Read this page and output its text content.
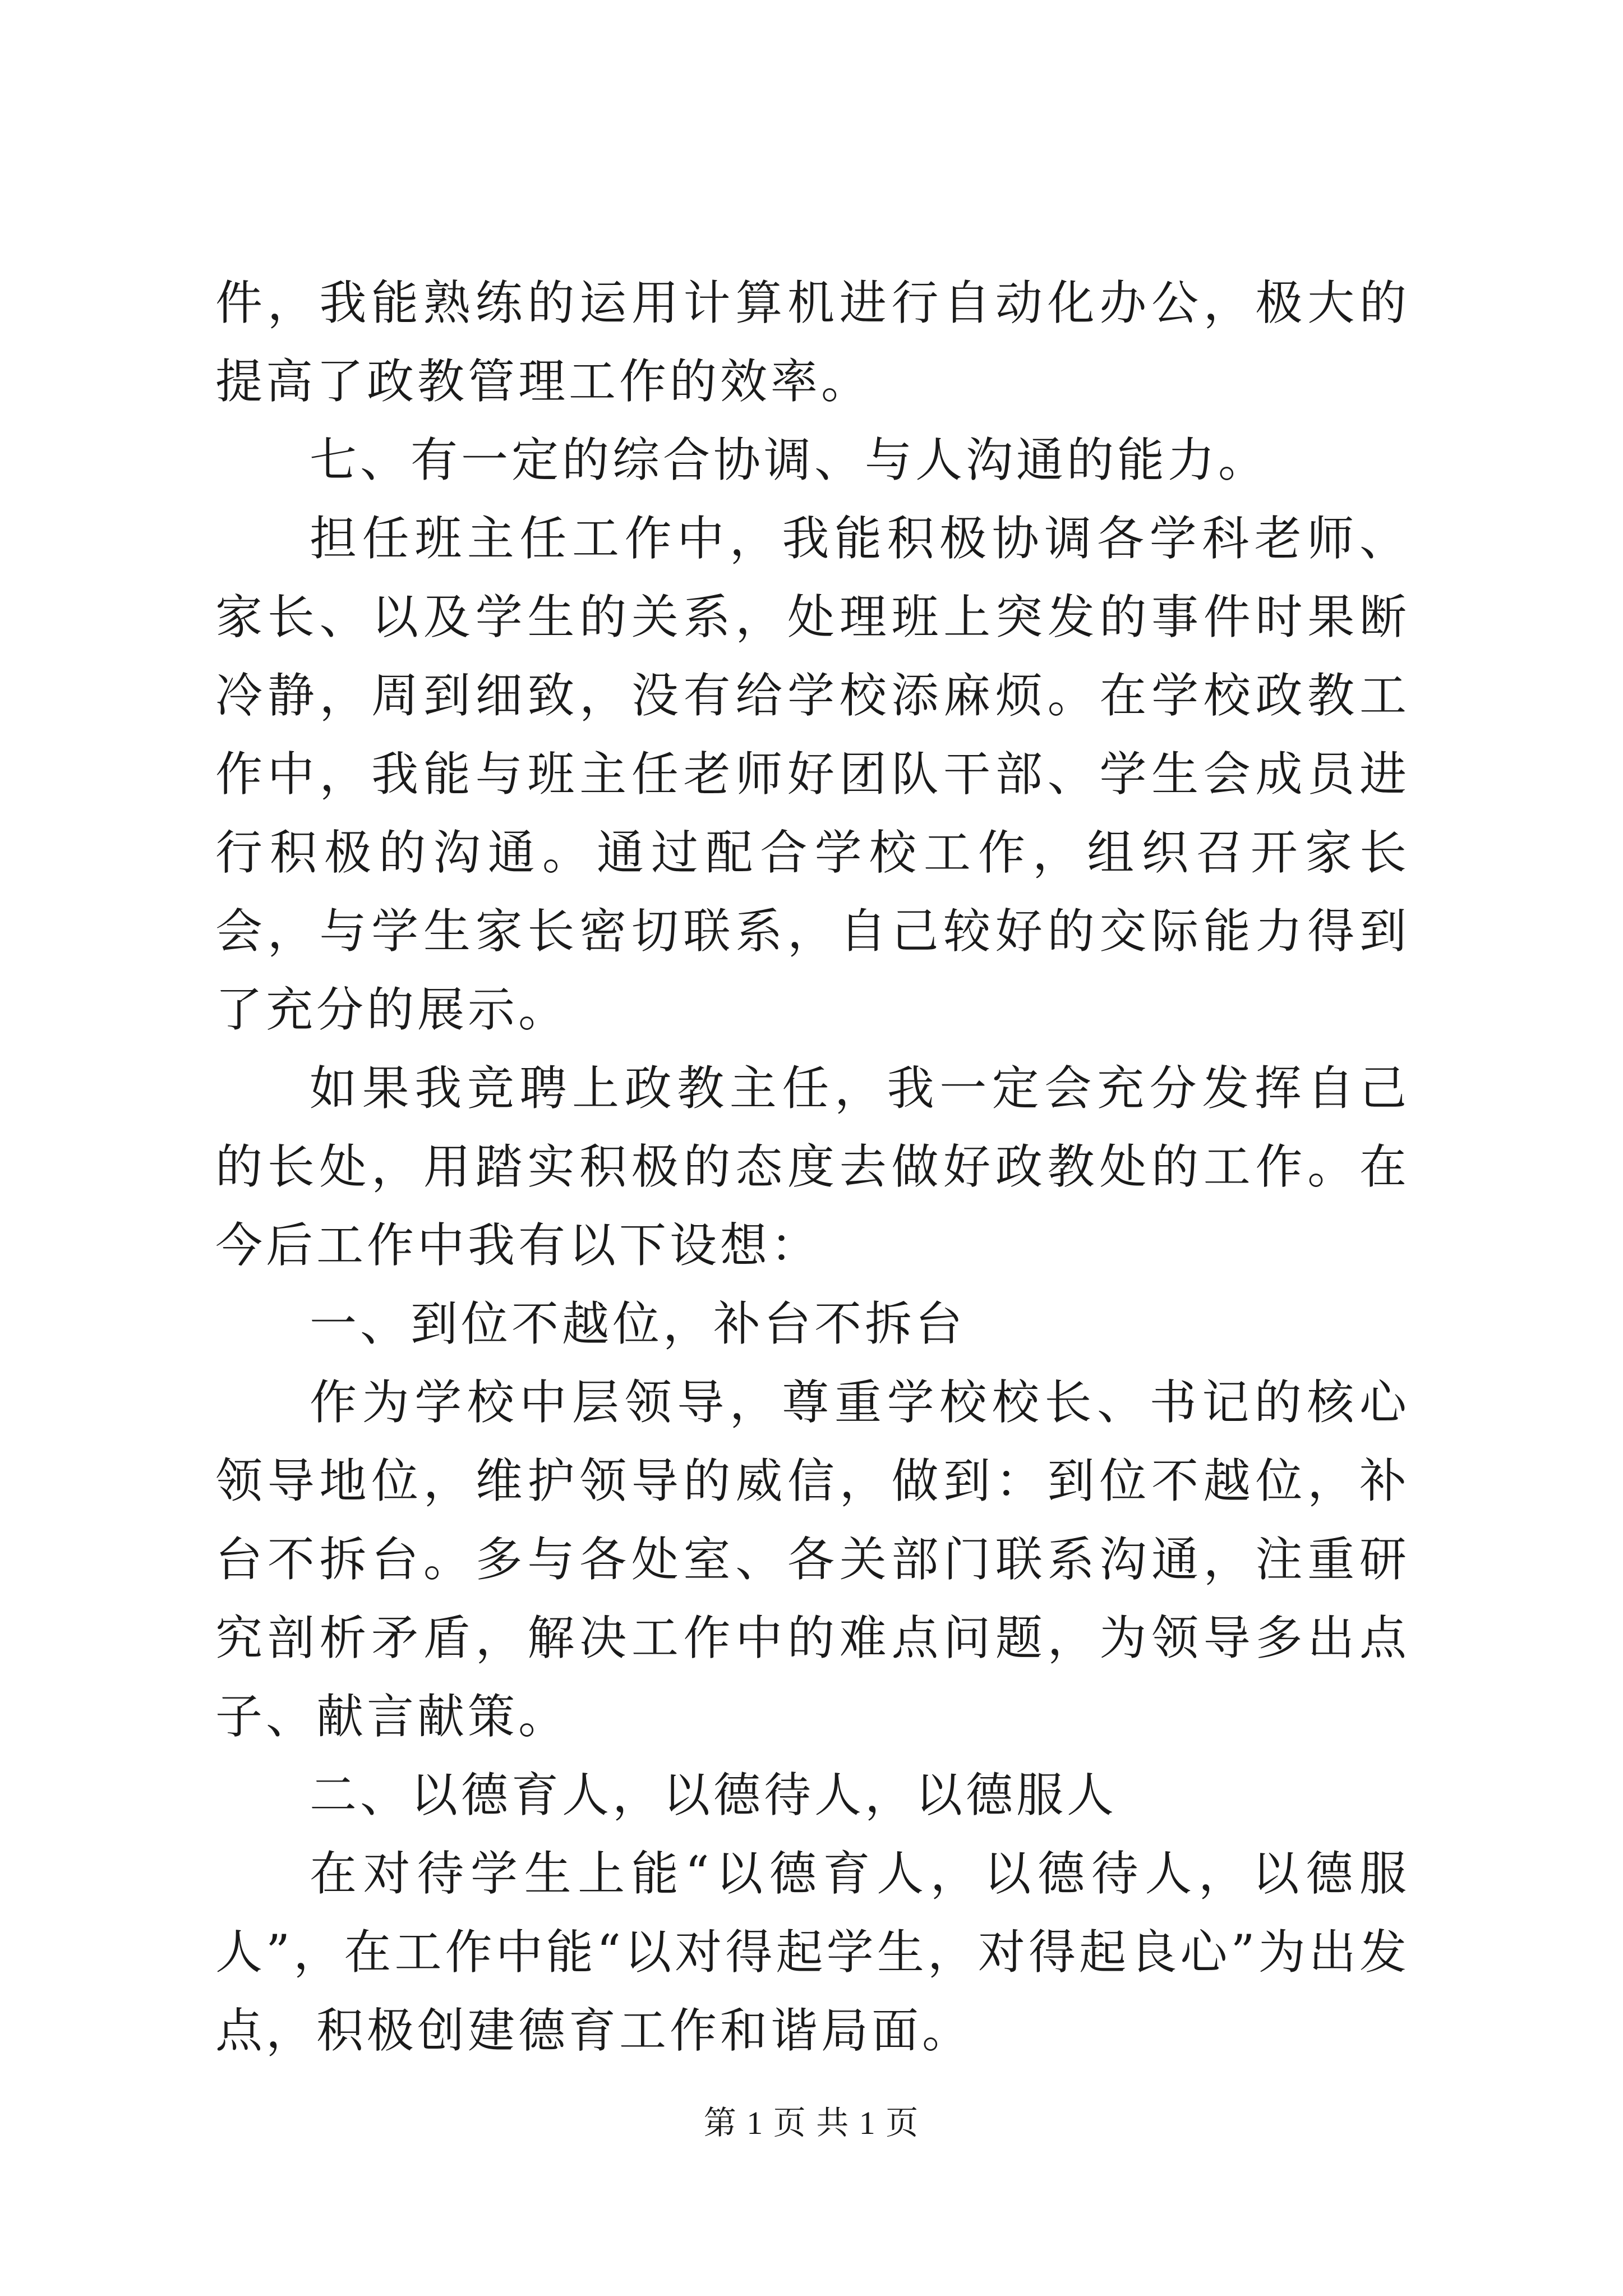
件，我能熟练的运用计算机进行自动化办公，极大的提高了政教管理工作的效率。

七、有一定的综合协调、与人沟通的能力。

担任班主任工作中，我能积极协调各学科老师、家长、以及学生的关系，处理班上突发的事件时果断冷静，周到细致，没有给学校添麻烦。在学校政教工作中，我能与班主任老师好团队干部、学生会成员进行积极的沟通。通过配合学校工作，组织召开家长会，与学生家长密切联系，自己较好的交际能力得到了充分的展示。

如果我竞聘上政教主任，我一定会充分发挥自己的长处，用踏实积极的态度去做好政教处的工作。在今后工作中我有以下设想：

一、到位不越位，补台不拆台

作为学校中层领导，尊重学校校长、书记的核心领导地位，维护领导的威信，做到：到位不越位，补台不拆台。多与各处室、各关部门联系沟通，注重研究剖析矛盾，解决工作中的难点问题，为领导多出点子、献言献策。

二、以德育人，以德待人，以德服人

在对待学生上能“以德育人，以德待人，以德服人”，在工作中能“以对得起学生，对得起良心”为出发点，积极创建德育工作和谐局面。

第 1 页 共 1 页
